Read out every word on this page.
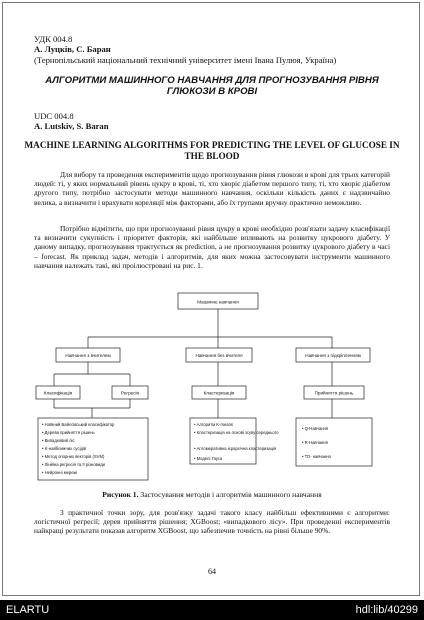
УДК 004.8
А. Луцків, С. Баран
(Тернопільський національний технічний університет імені Івана Пулюя, Україна)
АЛГОРИТМИ МАШИННОГО НАВЧАННЯ ДЛЯ ПРОГНОЗУВАННЯ РІВНЯ ГЛЮКОЗИ В КРОВІ
UDC 004.8
A. Lutskiv, S. Baran
MACHINE LEARNING ALGORITHMS FOR PREDICTING THE LEVEL OF GLUCOSE IN THE BLOOD
Для вибору та проведення експериментів щодо прогнозування рівня глюкози в крові для трьох категорій людей: ті, у яких нормальний рівень цукру в крові, ті, хто хворіє діабетом першого типу, ті, хто хворіє діабетом другого типу, потрібно застосувати методи машинного навчання, оскільки кількість даних є надзвичайно велика, а визначити і врахувати кореляції між факторами, або їх групами вручну практично неможливо.
Потрібно відмітити, що при прогнозуванні рівня цукру в крові необхідно розв'язати задачу класифікації та визначити сукупність і пріоритет факторів, які найбільше впливають на розвитку цукрового діабету. У даному випадку, прогнозування трактується як prediction, а не прогнозування розвитку цукрового діабету в часі – forecast. Як приклад задач, методів і алгоритмів, для яких можна застосовувати інструменти машинного навчання належать такі, які проілюстровані на рис. 1.
Машинне навчання
Навчання з вчителем	Навчання без вчителя	Навчання з підкріпленням
Класифікація	Регресія	Кластеризація	Прийняття рішень
• Наївний Байєсівський класифікатор
• Дерева прийняття рішень
• Випадковий ліс
• K-найближчих сусідів
• Метод опорних векторів (SVM)
• Лінійна регресія та її різновиди
• Нейронні мережі
• Алгоритм K-means
• Кластеризація на основі зсуву середнього
• Агломеративна ієрархічна кластеризація
• Моделі Гауса
• Q-Навчання
• R-Навчання
• TD- навчання
Рисунок 1. Застосування методів і алгоритмів машинного навчання
З практичної точки зору, для розв'язку задачі такого класу найбільш ефективними є алгоритми: логістичної регресії; дерев прийняття рішення; XGBoost; «випадкового лісу». При проведенні експериментів найкращі результати показав алгоритм XGBoost, що забезпечив точність на рівні більше 90%.
64
ELARTU	hdl:lib/40299
